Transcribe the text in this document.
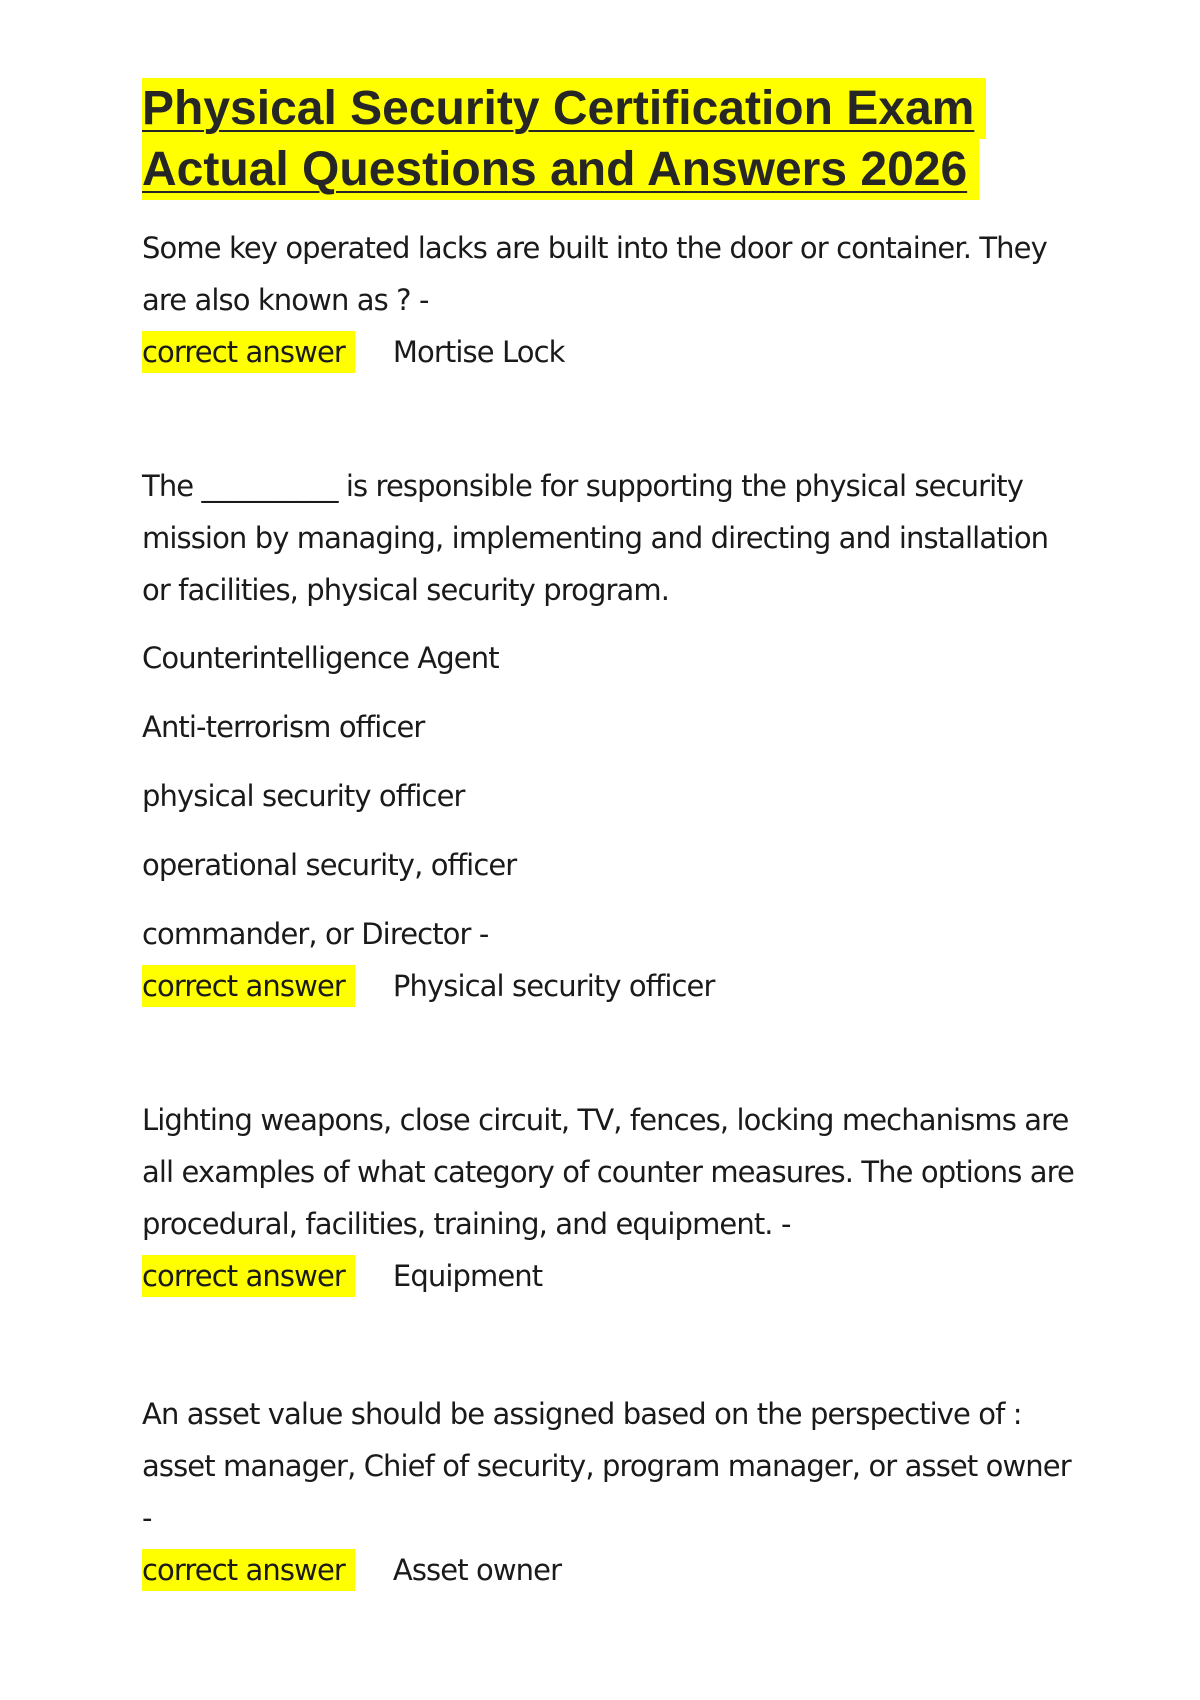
Physical Security Certification Exam
Actual Questions and Answers 2026

Some key operated lacks are built into the door or container. They are also known as ? -

correct answer Mortise Lock

The __________ is responsible for supporting the physical security mission by managing, implementing and directing and installation or facilities, physical security program.

Counterintelligence Agent

Anti-terrorism officer

physical security officer

operational security, officer

commander, or Director -

correct answer Physical security officer

Lighting weapons, close circuit, TV, fences, locking mechanisms are all examples of what category of counter measures. The options are procedural, facilities, training, and equipment. -

correct answer Equipment

An asset value should be assigned based on the perspective of : asset manager, Chief of security, program manager, or asset owner -

correct answer Asset owner
